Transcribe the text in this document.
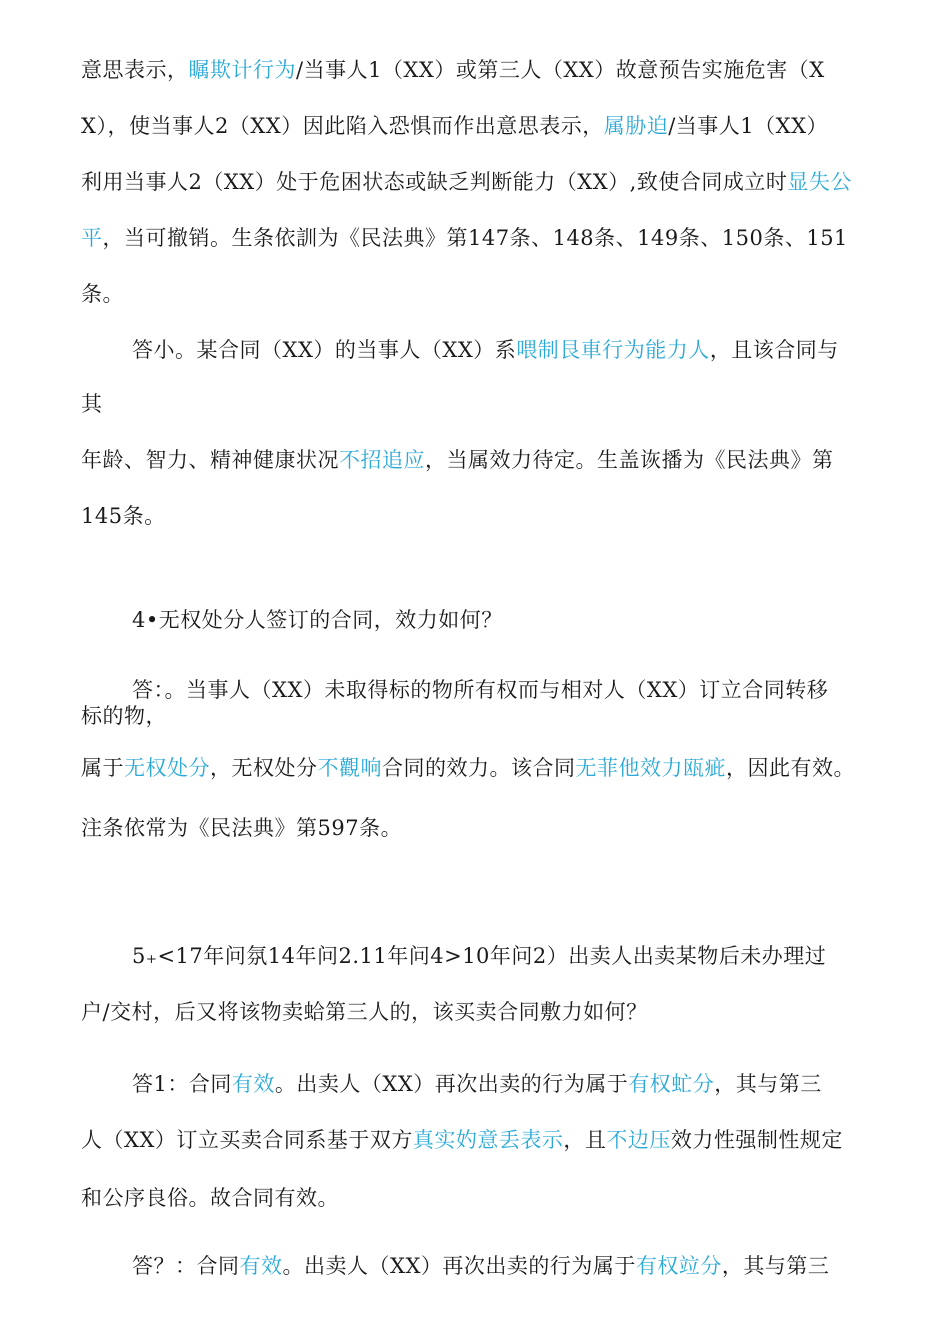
意思表示，瞩欺计行为/当事人1（XX）或第三人（XX）故意预告实施危害（X
X），使当事人2（XX）因此陷入恐惧而作出意思表示，属胁迫/当事人1（XX）
利用当事人2（XX）处于危困状态或缺乏判断能力（XX）,致使合同成立时显失公
平，当可撤销。生条依訓为《民法典》第147条、148条、149条、150条、151
条。
答小。某合同（XX）的当事人（XX）系喂制艮車行为能力人，且该合同与
其
年龄、智力、精神健康状况不招追应，当属效力待定。生盖诙播为《民法典》第
145条。
4•无权处分人签订的合同，效力如何？
答：。当事人（XX）未取得标的物所有权而与相对人（XX）订立合同转移
标的物，
属于无权处分，无权处分不觀响合同的效力。该合同无菲他效力瓯疵，因此有效。
注条依常为《民法典》第597条。
5₊<17年问氛14年问2.11年问4>10年问2）出卖人出卖某物后未办理过
户/交村，后又将该物卖蛤第三人的，该买卖合同敷力如何？
答1：合同有效。出卖人（XX）再次出卖的行为属于有权虻分，其与第三
人（XX）订立买卖合同系基于双方真实妁意丢表示，且不边压效力性强制性规定
和公序良俗。故合同有效。
答？：合同有效。出卖人（XX）再次出卖的行为属于有权竝分，其与第三
